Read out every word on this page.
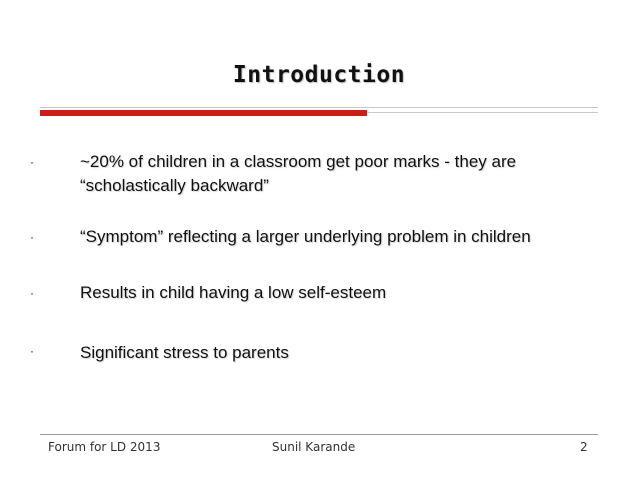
Introduction
·	~20% of children in a classroom get poor marks - they are “scholastically backward”
·	“Symptom” reflecting a larger underlying problem in children
·	Results in child having a low self-esteem
·	Significant stress to parents
Forum for LD 2013	Sunil Karande	2
